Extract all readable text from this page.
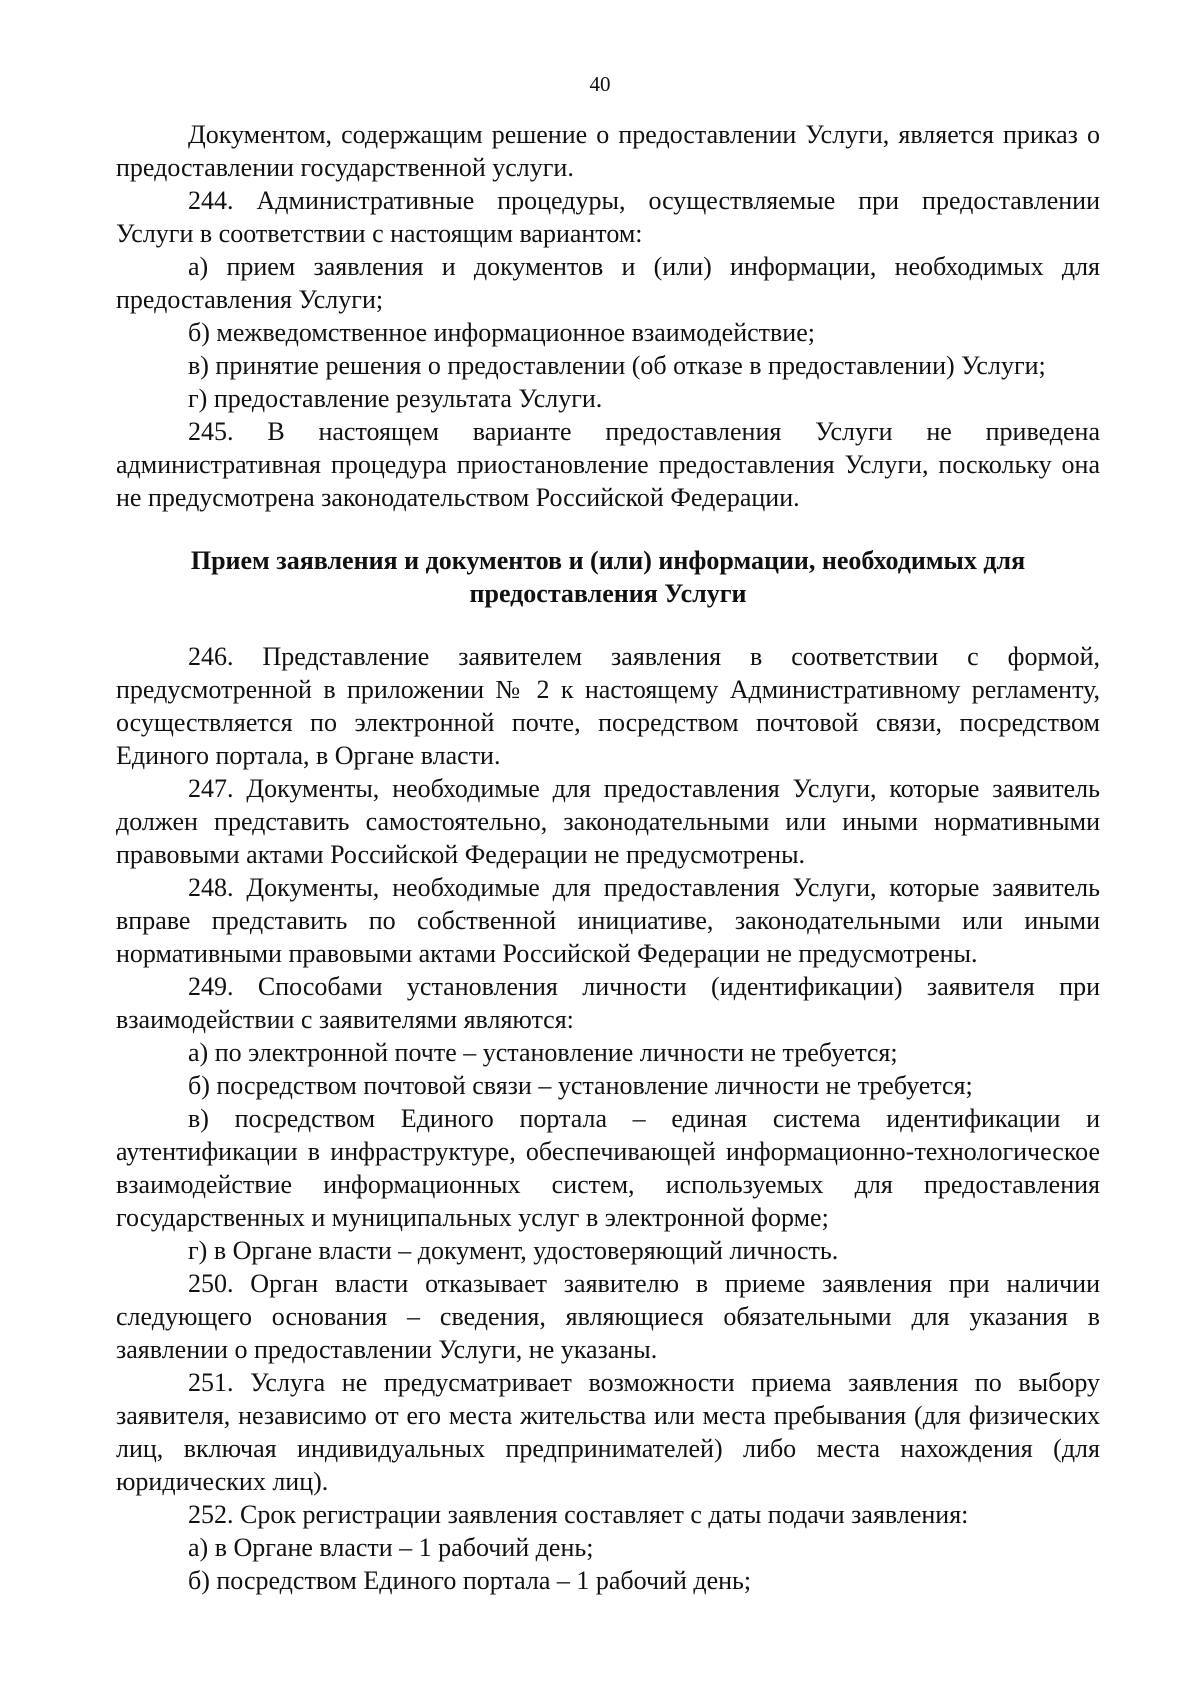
40

Документом, содержащим решение о предоставлении Услуги, является приказ о предоставлении государственной услуги.

244. Административные процедуры, осуществляемые при предоставлении Услуги в соответствии с настоящим вариантом:

а) прием заявления и документов и (или) информации, необходимых для предоставления Услуги;

б) межведомственное информационное взаимодействие;

в) принятие решения о предоставлении (об отказе в предоставлении) Услуги;

г) предоставление результата Услуги.

245. В настоящем варианте предоставления Услуги не приведена административная процедура приостановление предоставления Услуги, поскольку она не предусмотрена законодательством Российской Федерации.

Прием заявления и документов и (или) информации, необходимых для предоставления Услуги

246. Представление заявителем заявления в соответствии с формой, предусмотренной в приложении № 2 к настоящему Административному регламенту, осуществляется по электронной почте, посредством почтовой связи, посредством Единого портала, в Органе власти.

247. Документы, необходимые для предоставления Услуги, которые заявитель должен представить самостоятельно, законодательными или иными нормативными правовыми актами Российской Федерации не предусмотрены.

248. Документы, необходимые для предоставления Услуги, которые заявитель вправе представить по собственной инициативе, законодательными или иными нормативными правовыми актами Российской Федерации не предусмотрены.

249. Способами установления личности (идентификации) заявителя при взаимодействии с заявителями являются:

а) по электронной почте – установление личности не требуется;

б) посредством почтовой связи – установление личности не требуется;

в) посредством Единого портала – единая система идентификации и аутентификации в инфраструктуре, обеспечивающей информационно-технологическое взаимодействие информационных систем, используемых для предоставления государственных и муниципальных услуг в электронной форме;

г) в Органе власти – документ, удостоверяющий личность.

250. Орган власти отказывает заявителю в приеме заявления при наличии следующего основания – сведения, являющиеся обязательными для указания в заявлении о предоставлении Услуги, не указаны.

251. Услуга не предусматривает возможности приема заявления по выбору заявителя, независимо от его места жительства или места пребывания (для физических лиц, включая индивидуальных предпринимателей) либо места нахождения (для юридических лиц).

252. Срок регистрации заявления составляет с даты подачи заявления:

а) в Органе власти – 1 рабочий день;

б) посредством Единого портала – 1 рабочий день;
